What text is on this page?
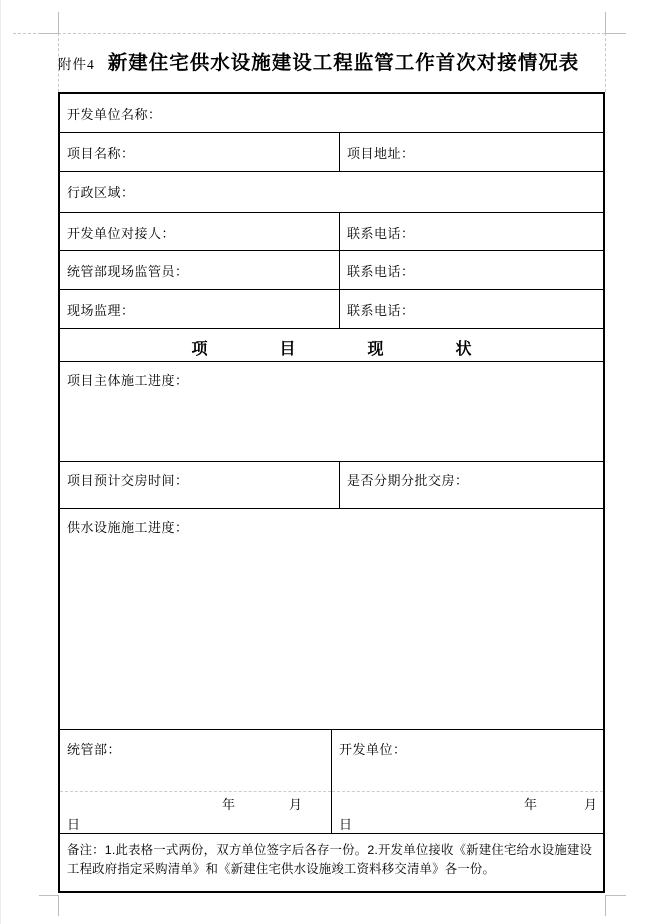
附件4 新建住宅供水设施建设工程监管工作首次对接情况表
开发单位名称：
项目名称：	项目地址：
行政区域：
开发单位对接人：	联系电话：
统管部现场监管员：	联系电话：
现场监理：	联系电话：
项目现状
项目主体施工进度：
项目预计交房时间：	是否分期分批交房：
供水设施施工进度：
统管部：
年	月
日
开发单位：
年	月
日
备注：1.此表格一式两份，双方单位签字后各存一份。2.开发单位接收《新建住宅给水设施建设工程政府指定采购清单》和《新建住宅供水设施竣工资料移交清单》各一份。
